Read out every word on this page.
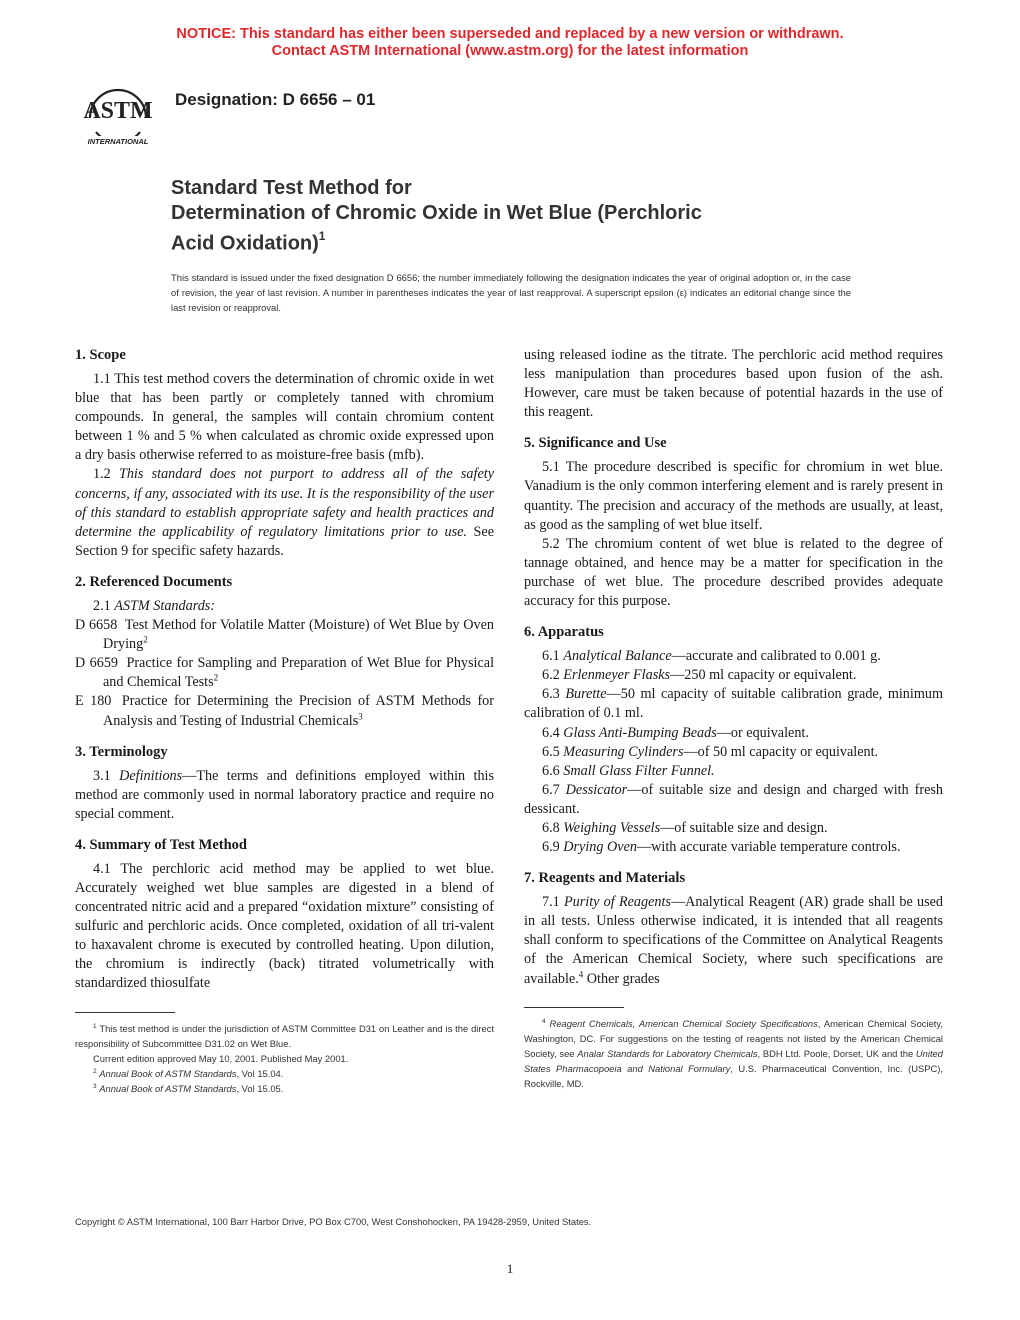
NOTICE: This standard has either been superseded and replaced by a new version or withdrawn.
Contact ASTM International (www.astm.org) for the latest information
ASTM
INTERNATIONAL
Designation: D 6656 – 01
Standard Test Method for
Determination of Chromic Oxide in Wet Blue (Perchloric
Acid Oxidation)$^1$
This standard is issued under the fixed designation D 6656; the number immediately following the designation indicates the year of original adoption or, in the case of revision, the year of last revision. A number in parentheses indicates the year of last reapproval. A superscript epsilon (ε) indicates an editorial change since the last revision or reapproval.
1. Scope

1.1 This test method covers the determination of chromic oxide in wet blue that has been partly or completely tanned with chromium compounds. In general, the samples will contain chromium content between 1 % and 5 % when calculated as chromic oxide expressed upon a dry basis otherwise referred to as moisture-free basis (mfb).

1.2 This standard does not purport to address all of the safety concerns, if any, associated with its use. It is the responsibility of the user of this standard to establish appropriate safety and health practices and determine the applicability of regulatory limitations prior to use. See Section 9 for specific safety hazards.

2. Referenced Documents

2.1 ASTM Standards:

D 6658 Test Method for Volatile Matter (Moisture) of Wet Blue by Oven Drying$^2$

D 6659 Practice for Sampling and Preparation of Wet Blue for Physical and Chemical Tests$^2$

E 180 Practice for Determining the Precision of ASTM Methods for Analysis and Testing of Industrial Chemicals$^3$

3. Terminology

3.1 Definitions—The terms and definitions employed within this method are commonly used in normal laboratory practice and require no special comment.

4. Summary of Test Method

4.1 The perchloric acid method may be applied to wet blue. Accurately weighed wet blue samples are digested in a blend of concentrated nitric acid and a prepared “oxidation mixture” consisting of sulfuric and perchloric acids. Once completed, oxidation of all tri-valent to haxavalent chrome is executed by controlled heating. Upon dilution, the chromium is indirectly (back) titrated volumetrically with standardized thiosulfate

$^1$ This test method is under the jurisdiction of ASTM Committee D31 on Leather and is the direct responsibility of Subcommittee D31.02 on Wet Blue.

Current edition approved May 10, 2001. Published May 2001.

$^2$ Annual Book of ASTM Standards, Vol 15.04.

$^3$ Annual Book of ASTM Standards, Vol 15.05.

using released iodine as the titrate. The perchloric acid method requires less manipulation than procedures based upon fusion of the ash. However, care must be taken because of potential hazards in the use of this reagent.

5. Significance and Use

5.1 The procedure described is specific for chromium in wet blue. Vanadium is the only common interfering element and is rarely present in quantity. The precision and accuracy of the methods are usually, at least, as good as the sampling of wet blue itself.

5.2 The chromium content of wet blue is related to the degree of tannage obtained, and hence may be a matter for specification in the purchase of wet blue. The procedure described provides adequate accuracy for this purpose.

6. Apparatus

6.1 Analytical Balance—accurate and calibrated to 0.001 g.

6.2 Erlenmeyer Flasks—250 ml capacity or equivalent.

6.3 Burette—50 ml capacity of suitable calibration grade, minimum calibration of 0.1 ml.

6.4 Glass Anti-Bumping Beads—or equivalent.

6.5 Measuring Cylinders—of 50 ml capacity or equivalent.

6.6 Small Glass Filter Funnel.

6.7 Dessicator—of suitable size and design and charged with fresh dessicant.

6.8 Weighing Vessels—of suitable size and design.

6.9 Drying Oven—with accurate variable temperature controls.

7. Reagents and Materials

7.1 Purity of Reagents—Analytical Reagent (AR) grade shall be used in all tests. Unless otherwise indicated, it is intended that all reagents shall conform to specifications of the Committee on Analytical Reagents of the American Chemical Society, where such specifications are available.$^4$ Other grades

$^4$ Reagent Chemicals, American Chemical Society Specifications, American Chemical Society, Washington, DC. For suggestions on the testing of reagents not listed by the American Chemical Society, see Analar Standards for Laboratory Chemicals, BDH Ltd. Poole, Dorset, UK and the United States Pharmacopoeia and National Formulary, U.S. Pharmaceutical Convention, Inc. (USPC), Rockville, MD.

Copyright © ASTM International, 100 Barr Harbor Drive, PO Box C700, West Conshohocken, PA 19428-2959, United States.
1
